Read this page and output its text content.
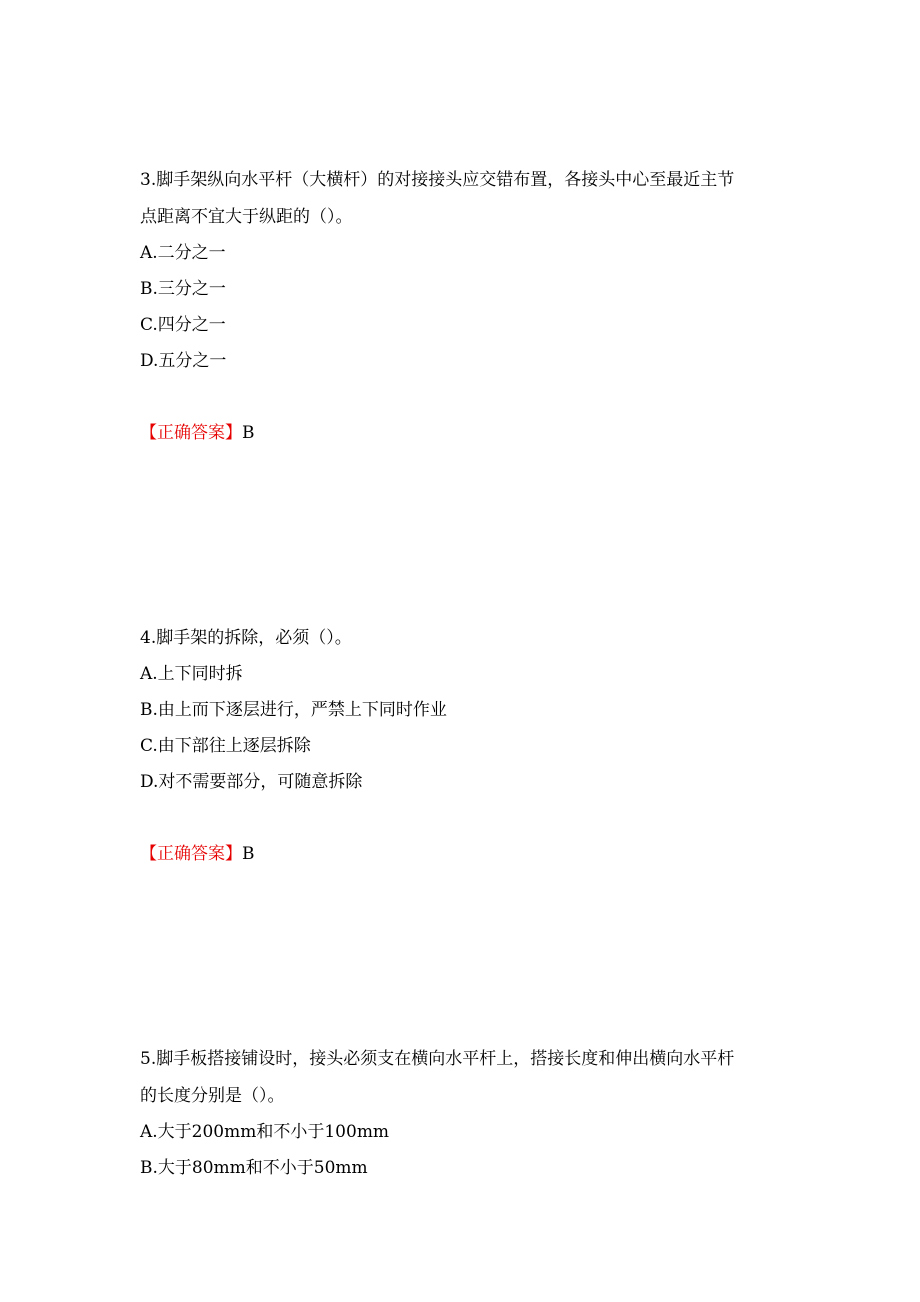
3.脚手架纵向水平杆（大横杆）的对接接头应交错布置，各接头中心至最近主节
点距离不宜大于纵距的（）。
A.二分之一
B.三分之一
C.四分之一
D.五分之一
【正确答案】B
4.脚手架的拆除，必须（）。
A.上下同时拆
B.由上而下逐层进行，严禁上下同时作业
C.由下部往上逐层拆除
D.对不需要部分，可随意拆除
【正确答案】B
5.脚手板搭接铺设时，接头必须支在横向水平杆上，搭接长度和伸出横向水平杆
的长度分别是（）。
A.大于200mm和不小于100mm
B.大于80mm和不小于50mm
